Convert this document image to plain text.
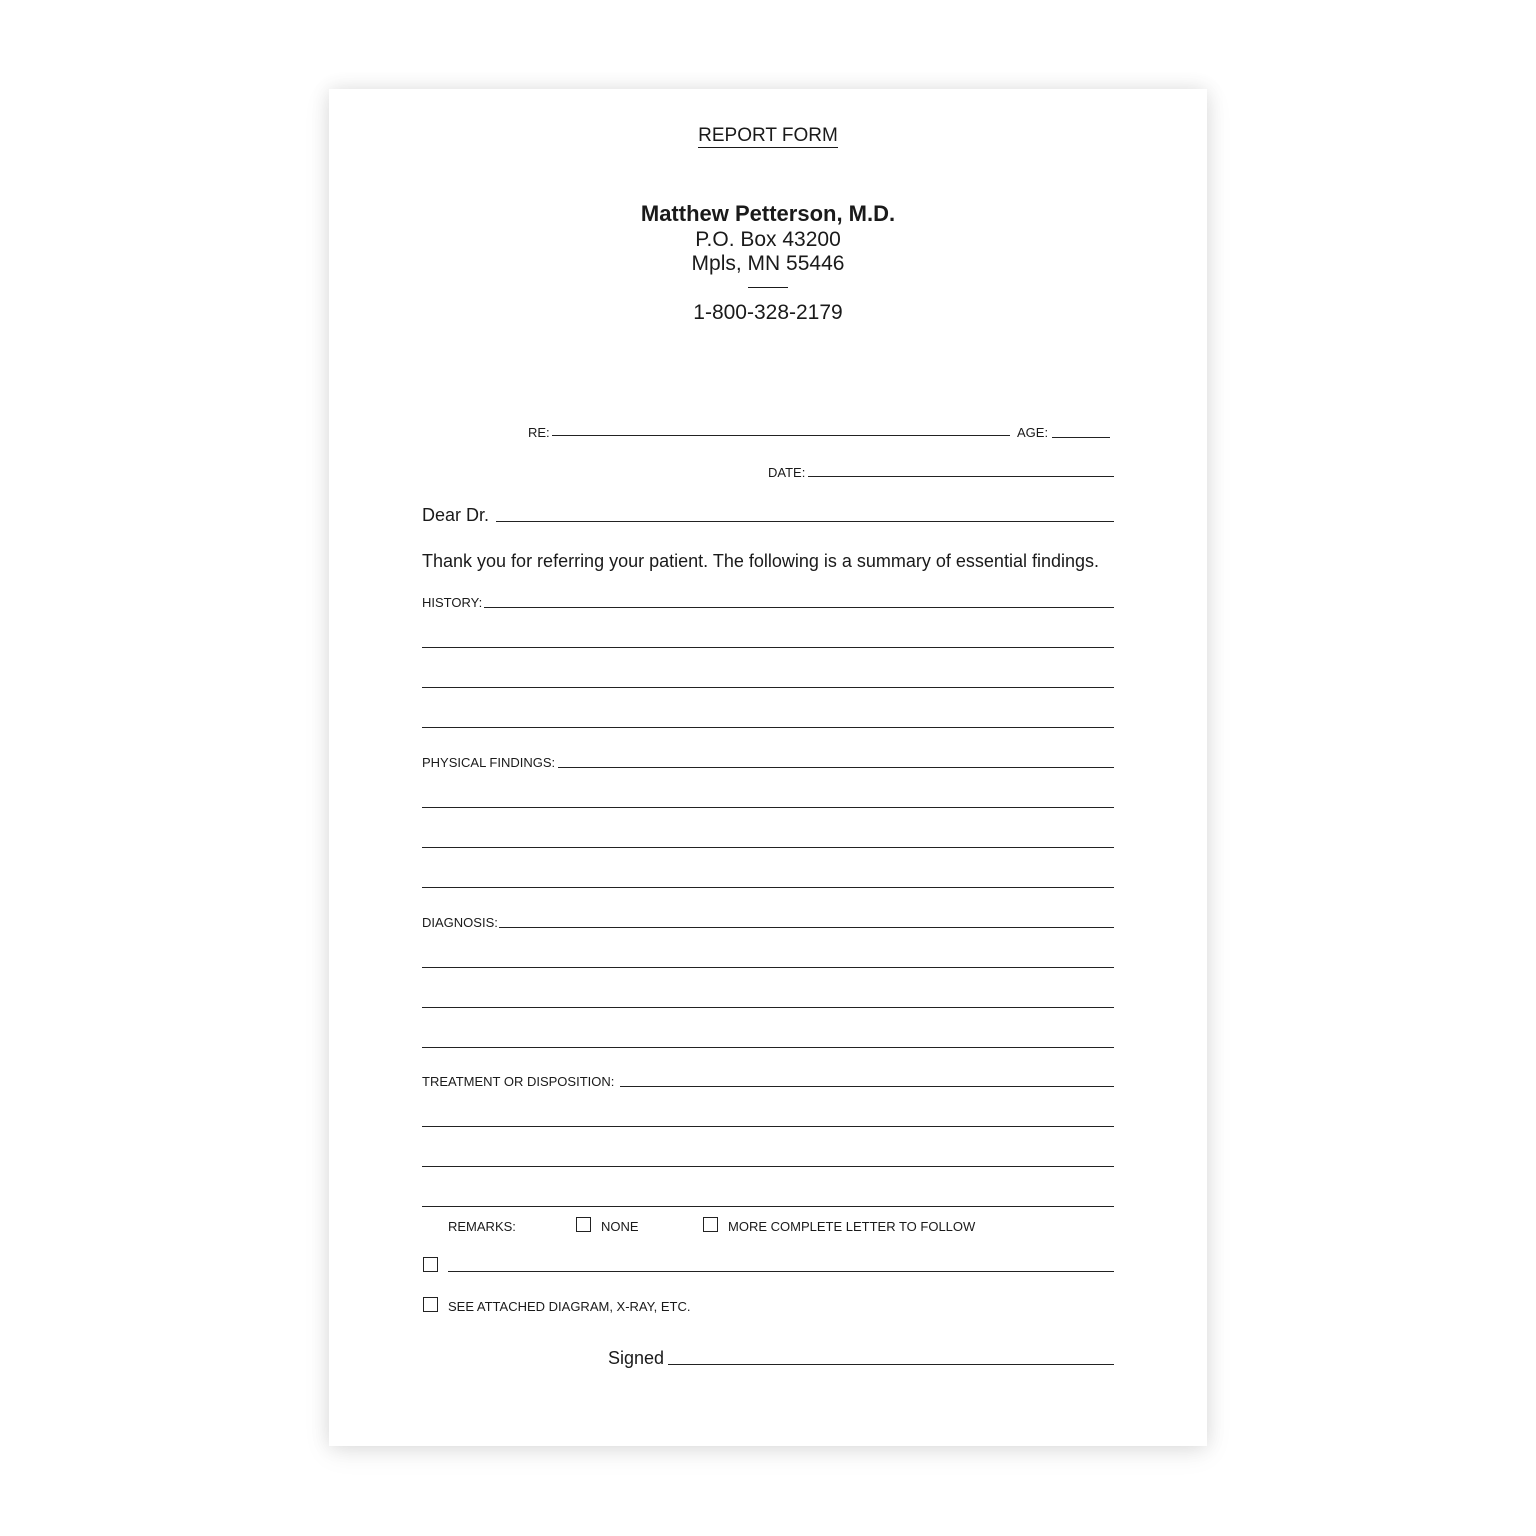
REPORT FORM
Matthew Petterson, M.D.
P.O. Box 43200
Mpls, MN 55446
1-800-328-2179
RE:	AGE:
DATE:
Dear Dr.
Thank you for referring your patient. The following is a summary of essential findings.
HISTORY:
PHYSICAL FINDINGS:
DIAGNOSIS:
TREATMENT OR DISPOSITION:
REMARKS:	NONE	MORE COMPLETE LETTER TO FOLLOW
SEE ATTACHED DIAGRAM, X-RAY, ETC.
Signed
